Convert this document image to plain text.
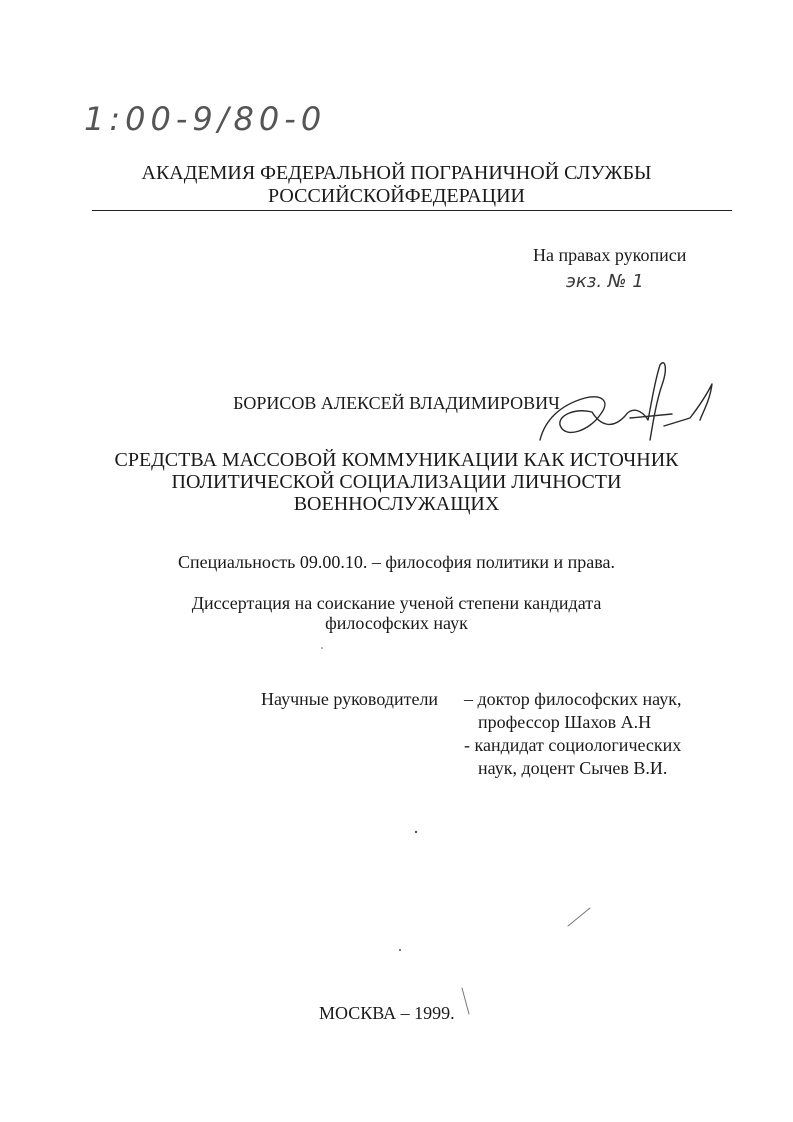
1:00-9/80-0
АКАДЕМИЯ ФЕДЕРАЛЬНОЙ ПОГРАНИЧНОЙ СЛУЖБЫ
РОССИЙСКОЙФЕДЕРАЦИИ
На правах рукописи
экз. № 1
БОРИСОВ АЛЕКСЕЙ ВЛАДИМИРОВИЧ
СРЕДСТВА МАССОВОЙ КОММУНИКАЦИИ КАК ИСТОЧНИК
ПОЛИТИЧЕСКОЙ СОЦИАЛИЗАЦИИ ЛИЧНОСТИ
ВОЕННОСЛУЖАЩИХ
Специальность 09.00.10. – философия политики и права.
Диссертация на соискание ученой степени кандидата
философских наук
Научные руководители – доктор философских наук,
профессор Шахов А.Н
- кандидат социологических
наук, доцент Сычев В.И.
МОСКВА – 1999.
